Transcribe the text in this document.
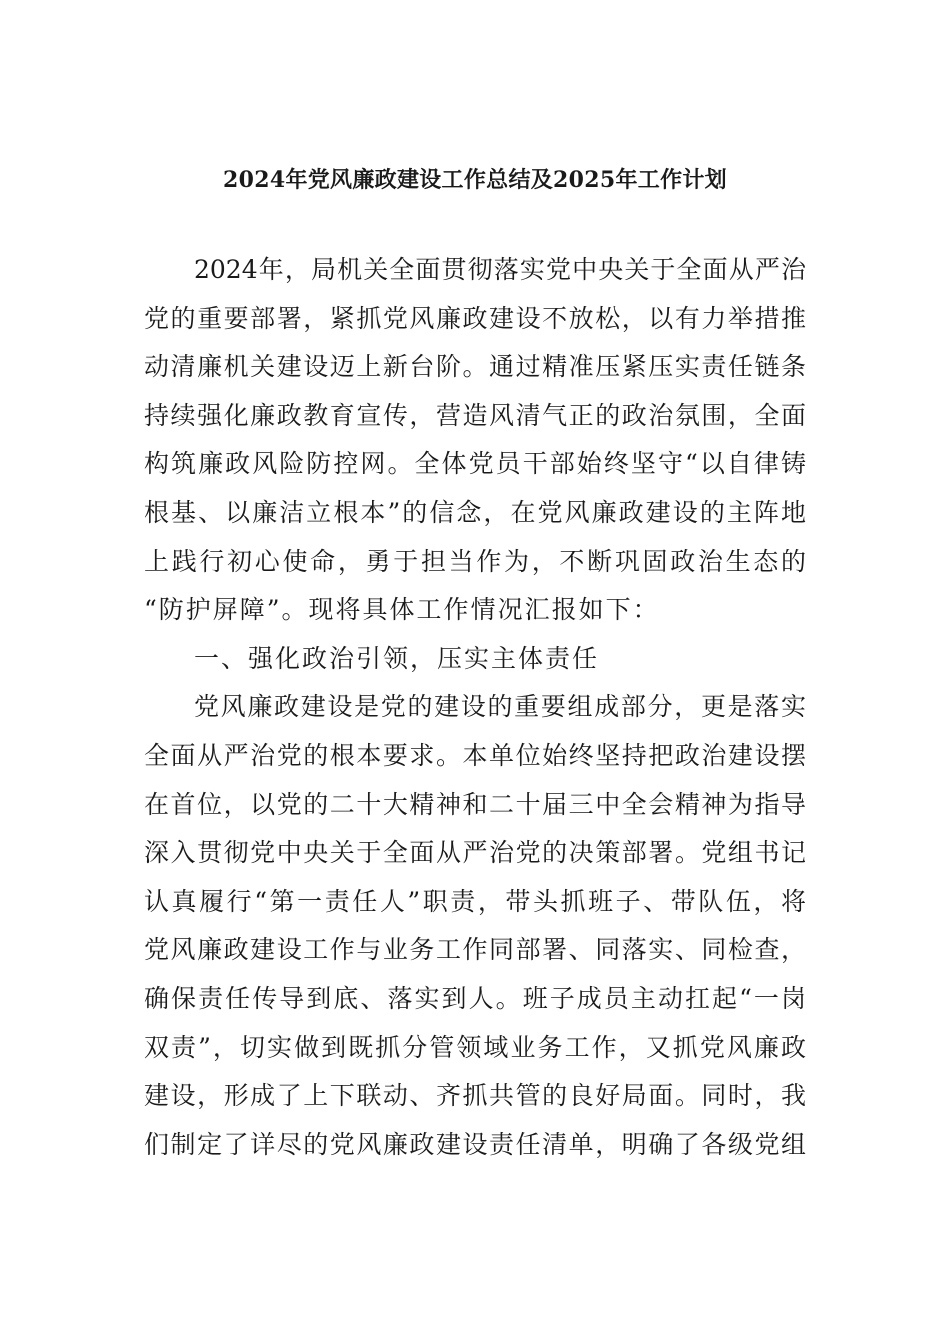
2024年党风廉政建设工作总结及2025年工作计划
2024年，局机关全面贯彻落实党中央关于全面从严治
党的重要部署，紧抓党风廉政建设不放松，以有力举措推
动清廉机关建设迈上新台阶。通过精准压紧压实责任链条
持续强化廉政教育宣传，营造风清气正的政治氛围，全面
构筑廉政风险防控网。全体党员干部始终坚守“以自律铸
根基、以廉洁立根本”的信念，在党风廉政建设的主阵地
上践行初心使命，勇于担当作为，不断巩固政治生态的
“防护屏障”。现将具体工作情况汇报如下：
一、强化政治引领，压实主体责任
党风廉政建设是党的建设的重要组成部分，更是落实
全面从严治党的根本要求。本单位始终坚持把政治建设摆
在首位，以党的二十大精神和二十届三中全会精神为指导
深入贯彻党中央关于全面从严治党的决策部署。党组书记
认真履行“第一责任人”职责，带头抓班子、带队伍，将
党风廉政建设工作与业务工作同部署、同落实、同检查，
确保责任传导到底、落实到人。班子成员主动扛起“一岗
双责”，切实做到既抓分管领域业务工作，又抓党风廉政
建设，形成了上下联动、齐抓共管的良好局面。同时，我
们制定了详尽的党风廉政建设责任清单，明确了各级党组
